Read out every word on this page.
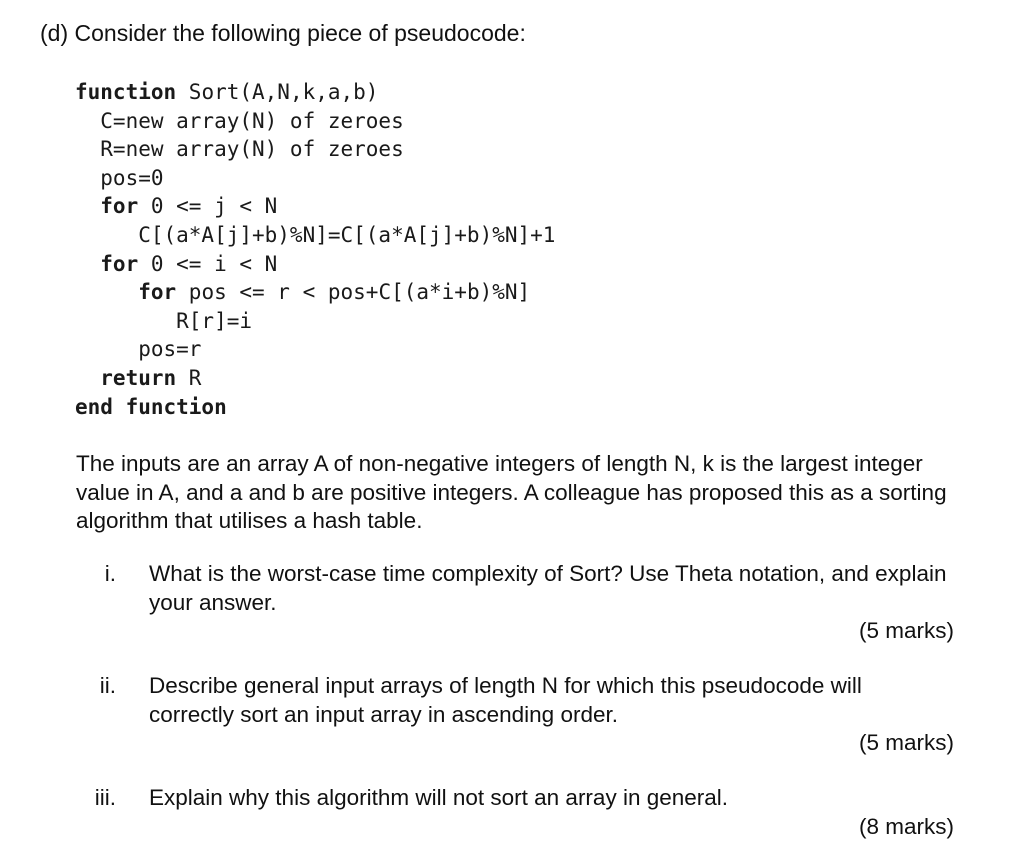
(d) Consider the following piece of pseudocode:
function Sort(A,N,k,a,b)
C=new array(N) of zeroes
R=new array(N) of zeroes
pos=0
for 0 <= j < N
C[(a*A[j]+b)%N]=C[(a*A[j]+b)%N]+1
for 0 <= i < N
for pos <= r < pos+C[(a*i+b)%N]
R[r]=i
pos=r
return R
end function
The inputs are an array A of non-negative integers of length N, k is the largest integer value in A, and a and b are positive integers. A colleague has proposed this as a sorting algorithm that utilises a hash table.
i. What is the worst-case time complexity of Sort? Use Theta notation, and explain your answer.
(5 marks)
ii. Describe general input arrays of length N for which this pseudocode will correctly sort an input array in ascending order.
(5 marks)
iii. Explain why this algorithm will not sort an array in general.
(8 marks)
